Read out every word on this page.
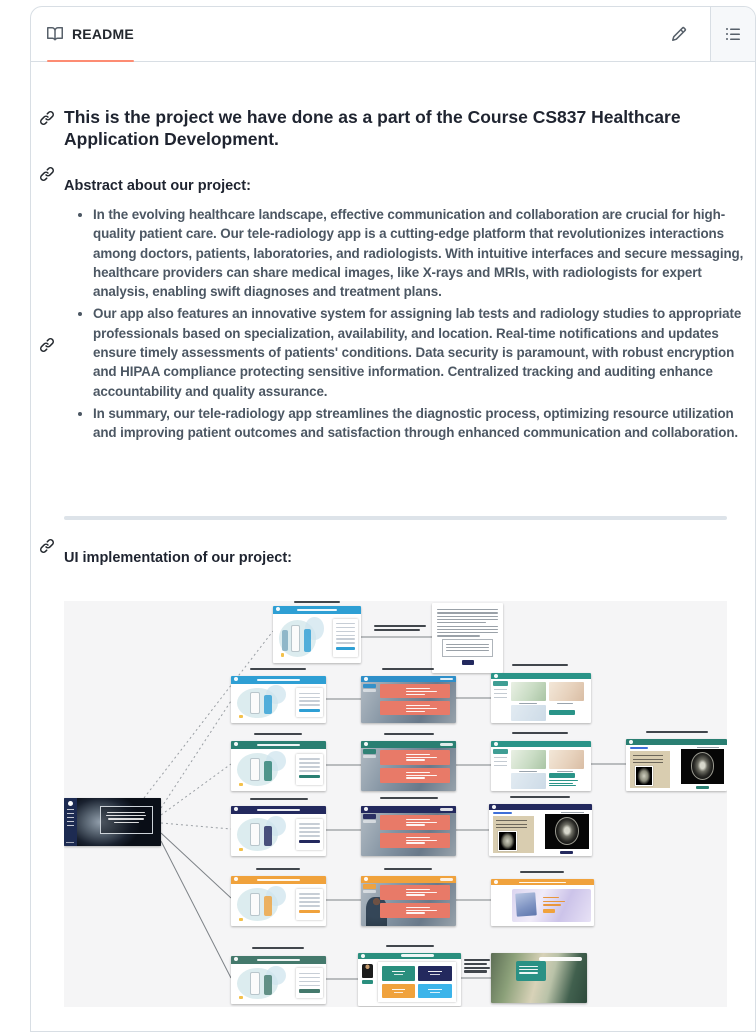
README
This is the project we have done as a part of the Course CS837 Healthcare Application Development.
Abstract about our project:
• In the evolving healthcare landscape, effective communication and collaboration are crucial for high-quality patient care. Our tele-radiology app is a cutting-edge platform that revolutionizes interactions among doctors, patients, laboratories, and radiologists. With intuitive interfaces and secure messaging, healthcare providers can share medical images, like X-rays and MRIs, with radiologists for expert analysis, enabling swift diagnoses and treatment plans.
• Our app also features an innovative system for assigning lab tests and radiology studies to appropriate professionals based on specialization, availability, and location. Real-time notifications and updates ensure timely assessments of patients' conditions. Data security is paramount, with robust encryption and HIPAA compliance protecting sensitive information. Centralized tracking and auditing enhance accountability and quality assurance.
• In summary, our tele-radiology app streamlines the diagnostic process, optimizing resource utilization and improving patient outcomes and satisfaction through enhanced communication and collaboration.
UI implementation of our project:
